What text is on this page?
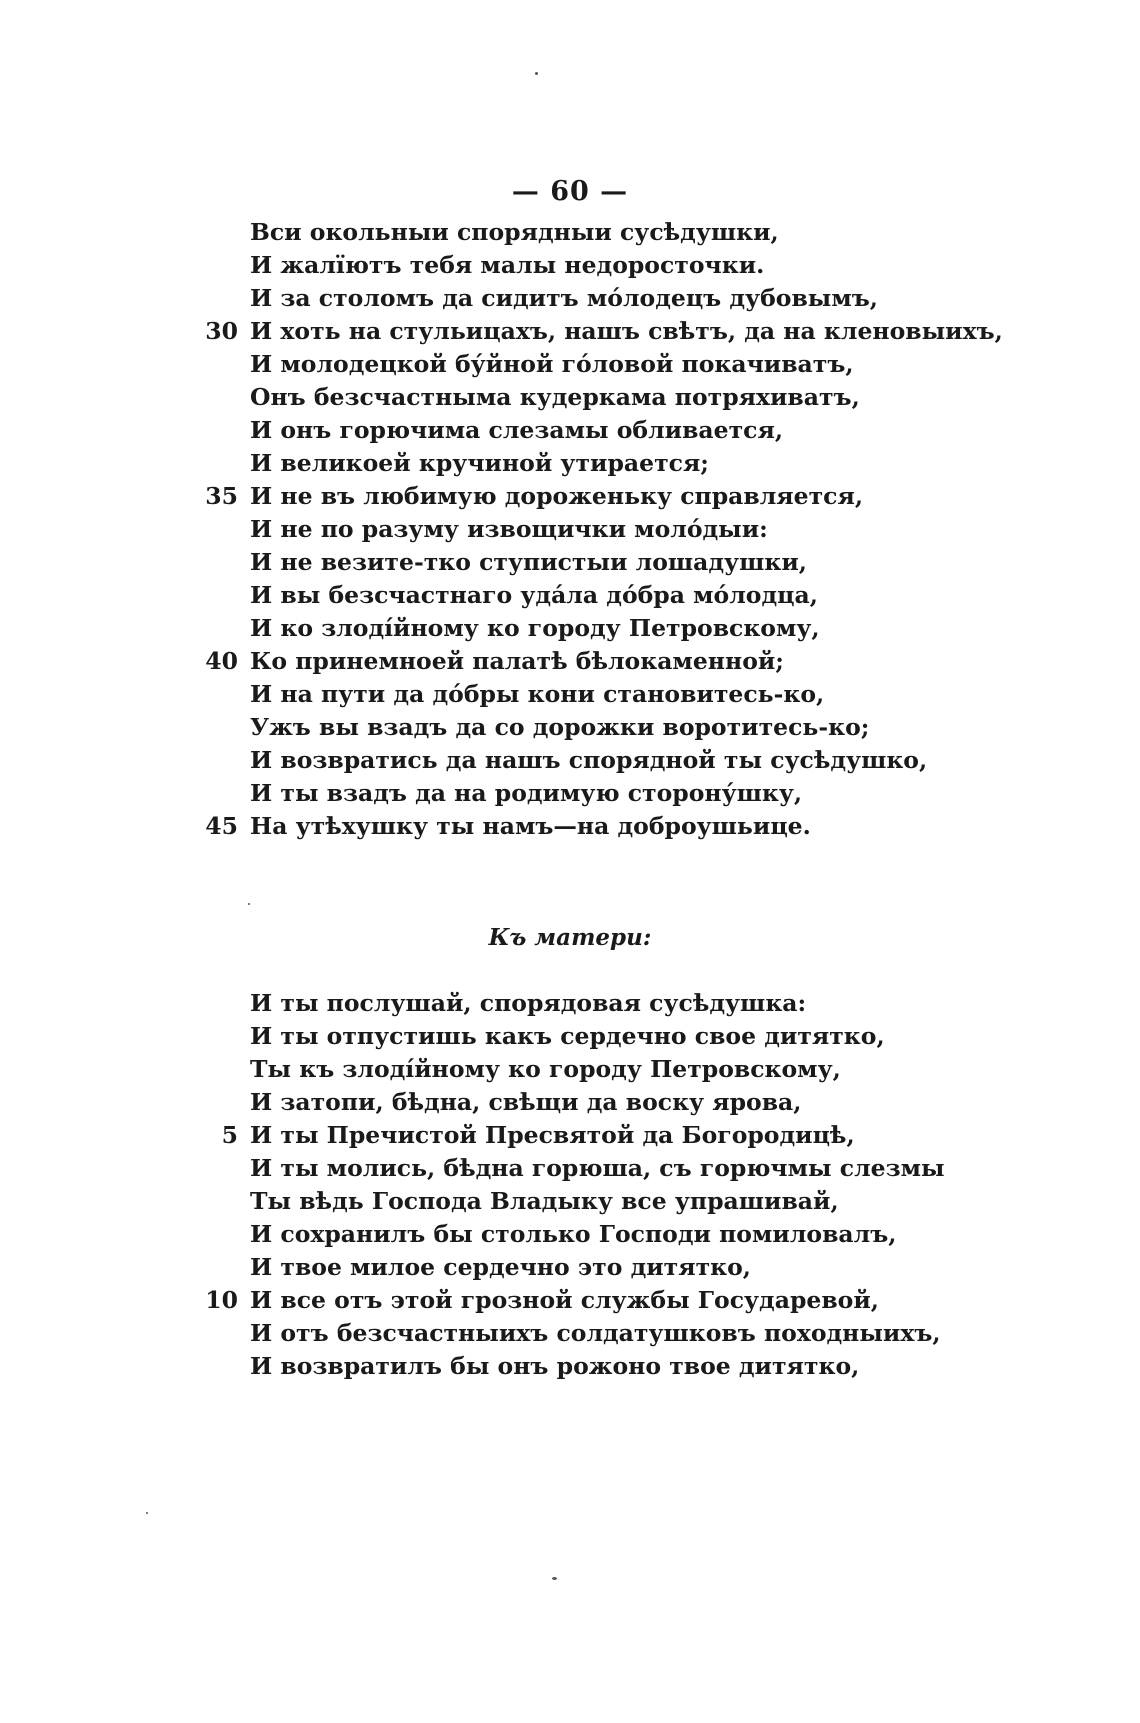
— 60 —
Вси окольныи спорядныи сусѣдушки,
И жалïютъ тебя малы недоросточки.
И за столомъ да сидитъ мо́лодецъ дубовымъ,
30 И хоть на стульицахъ, нашъ свѣтъ, да на кленовыихъ,
И молодецкой бу́йной го́ловой покачиватъ,
Онъ безсчастныма кудеркама потряхиватъ,
И онъ горючима слезамы обливается,
И великоей кручиной утирается;
35 И не въ любимую дороженьку справляется,
И не по разуму извощички молóдыи:
И не везите-тко ступистыи лошадушки,
И вы безсчастнаго удáла дóбра мо́лодца,
И ко злодíйному ко городу Петровскому,
40 Ко принемноей палатѣ бѣлокаменной;
И на пути да дóбры кони становитесь-ко,
Ужъ вы взадъ да со дорожки воротитесь-ко;
И возвратись да нашъ спорядной ты сусѣдушко,
И ты взадъ да на родимую сторону́шку,
45 На утѣхушку ты намъ—на доброушьице.
Къ матери:
И ты послушай, спорядовая сусѣдушка:
И ты отпустишь какъ сердечно свое дитятко,
Ты къ злодíйному ко городу Петровскому,
И затопи, бѣдна, свѣщи да воску ярова,
5 И ты Пречистой Пресвятой да Богородицѣ,
И ты молись, бѣдна горюша, съ горючмы слезмы
Ты вѣдь Господа Владыку все упрашивай,
И сохранилъ бы столько Господи помиловалъ,
И твое милое сердечно это дитятко,
10 И все отъ этой грозной службы Государевой,
И отъ безсчастныихъ солдатушковъ походныихъ,
И возвратилъ бы онъ рожоно твое дитятко,
